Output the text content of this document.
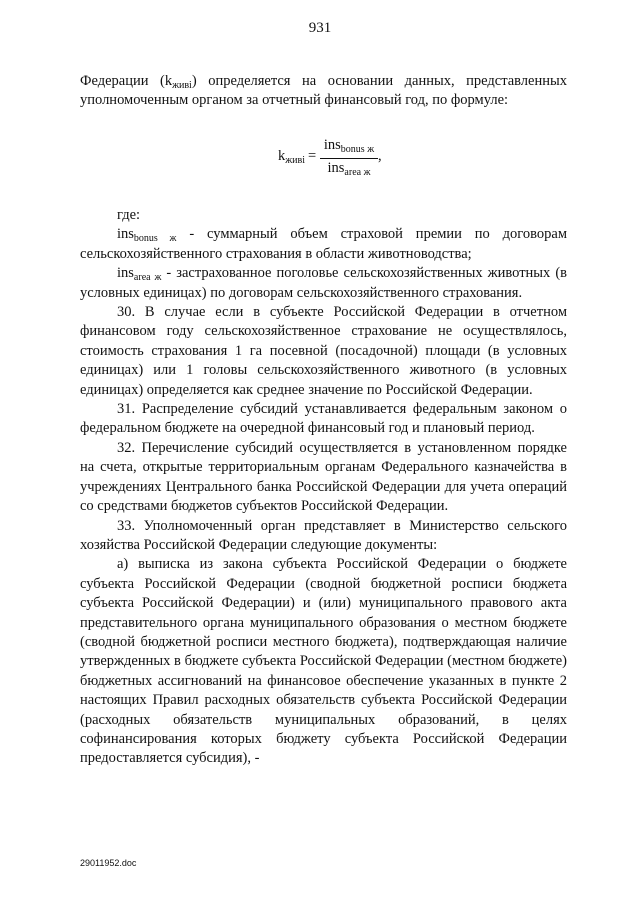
931

Федерации $(k_{живi})$ определяется на основании данных, представленных уполномоченным органом за отчетный финансовый год, по формуле:

$k_{живi}$ =
ins$_{bonus ж}$
ins$_{area ж}$
,

где:

ins$_{bonus ж}$ - суммарный объем страховой премии по договорам сельскохозяйственного страхования в области животноводства;

ins$_{area ж}$ - застрахованное поголовье сельскохозяйственных животных (в условных единицах) по договорам сельскохозяйственного страхования.

30. В случае если в субъекте Российской Федерации в отчетном финансовом году сельскохозяйственное страхование не осуществлялось, стоимость страхования 1 га посевной (посадочной) площади (в условных единицах) или 1 головы сельскохозяйственного животного (в условных единицах) определяется как среднее значение по Российской Федерации.

31. Распределение субсидий устанавливается федеральным законом о федеральном бюджете на очередной финансовый год и плановый период.

32. Перечисление субсидий осуществляется в установленном порядке на счета, открытые территориальным органам Федерального казначейства в учреждениях Центрального банка Российской Федерации для учета операций со средствами бюджетов субъектов Российской Федерации.

33. Уполномоченный орган представляет в Министерство сельского хозяйства Российской Федерации следующие документы:

а) выписка из закона субъекта Российской Федерации о бюджете субъекта Российской Федерации (сводной бюджетной росписи бюджета субъекта Российской Федерации) и (или) муниципального правового акта представительного органа муниципального образования о местном бюджете (сводной бюджетной росписи местного бюджета), подтверждающая наличие утвержденных в бюджете субъекта Российской Федерации (местном бюджете) бюджетных ассигнований на финансовое обеспечение указанных в пункте 2 настоящих Правил расходных обязательств субъекта Российской Федерации (расходных обязательств муниципальных образований, в целях софинансирования которых бюджету субъекта Российской Федерации предоставляется субсидия), -

29011952.doc
